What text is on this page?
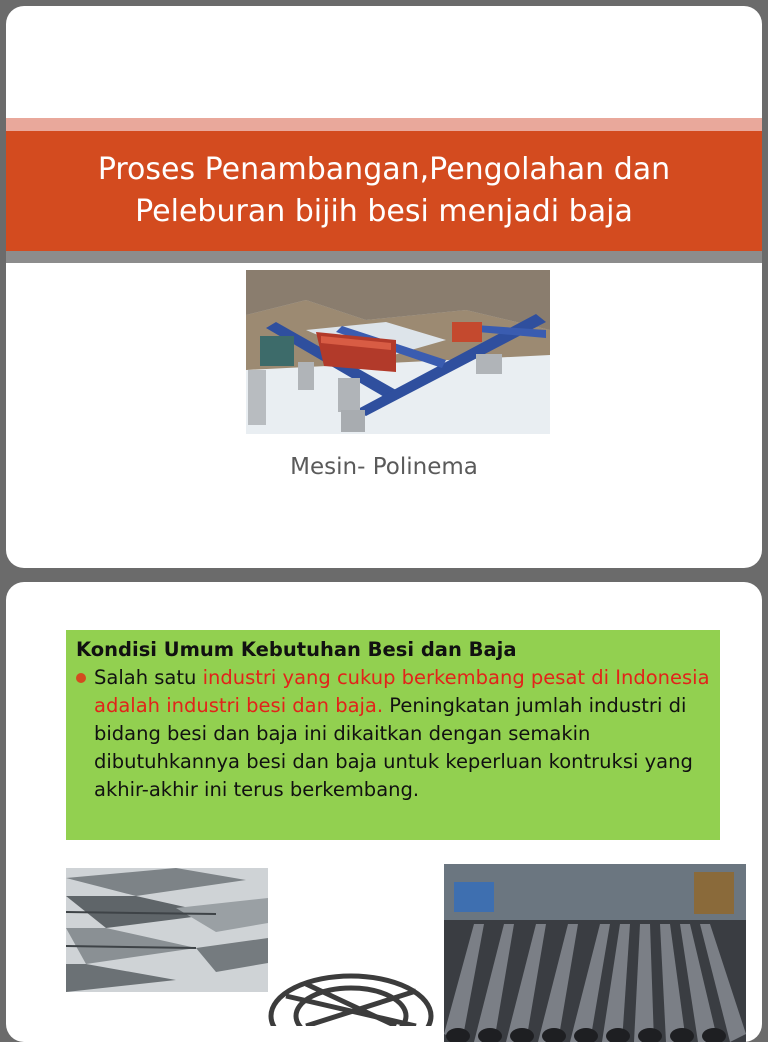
Proses Penambangan,Pengolahan dan
Peleburan bijih besi menjadi baja
Mesin- Polinema
Kondisi Umum Kebutuhan Besi dan Baja
Salah satu industri yang cukup berkembang pesat di Indonesia adalah industri besi dan baja. Peningkatan jumlah industri di bidang besi dan baja ini dikaitkan dengan semakin dibutuhkannya besi dan baja untuk keperluan kontruksi yang akhir-akhir ini terus berkembang.
